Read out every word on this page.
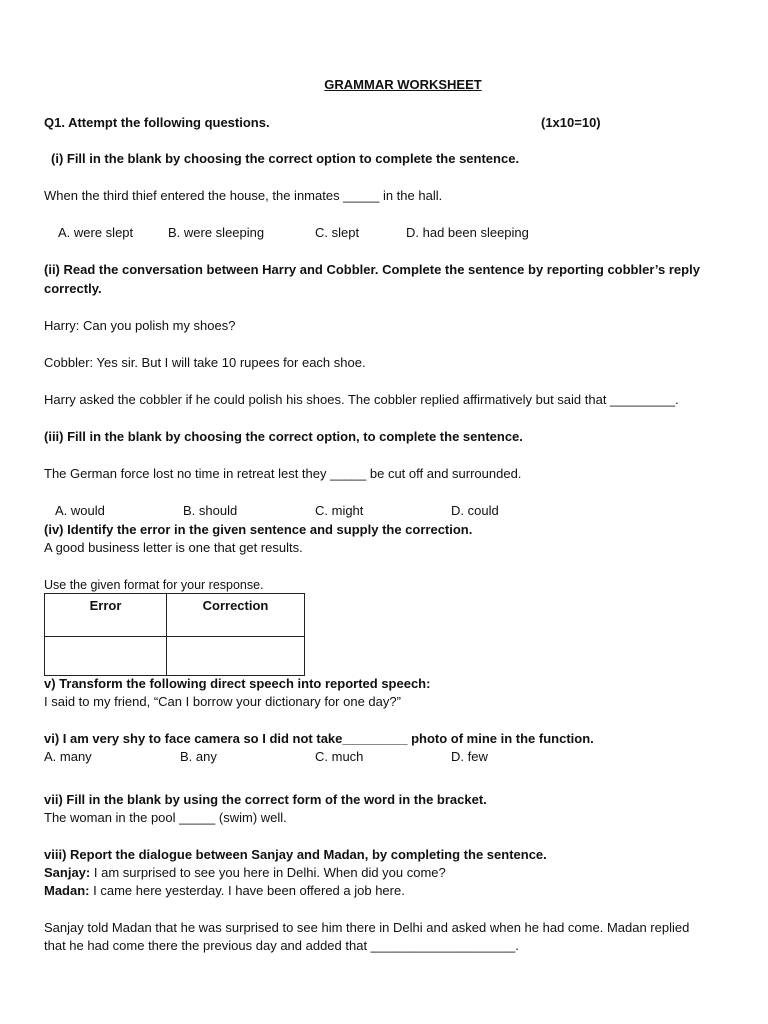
GRAMMAR WORKSHEET
Q1. Attempt the following questions.	(1x10=10)
(i) Fill in the blank by choosing the correct option to complete the sentence.
When the third thief entered the house, the inmates _____ in the hall.
A. were slept	B. were sleeping	C. slept	D. had been sleeping
(ii) Read the conversation between Harry and Cobbler. Complete the sentence by reporting cobbler’s reply
correctly.
Harry: Can you polish my shoes?
Cobbler: Yes sir. But I will take 10 rupees for each shoe.
Harry asked the cobbler if he could polish his shoes. The cobbler replied affirmatively but said that _________.
(iii) Fill in the blank by choosing the correct option, to complete the sentence.
The German force lost no time in retreat lest they _____ be cut off and surrounded.
A. would	B. should	C. might	D. could
(iv) Identify the error in the given sentence and supply the correction.
A good business letter is one that get results.
Use the given format for your response.
Error	Correction

v) Transform the following direct speech into reported speech:
I said to my friend, “Can I borrow your dictionary for one day?”
vi) I am very shy to face camera so I did not take_________ photo of mine in the function.
A. many	B. any	C. much	D. few
vii) Fill in the blank by using the correct form of the word in the bracket.
The woman in the pool _____ (swim) well.
viii) Report the dialogue between Sanjay and Madan, by completing the sentence.
Sanjay: I am surprised to see you here in Delhi. When did you come?
Madan: I came here yesterday. I have been offered a job here.
Sanjay told Madan that he was surprised to see him there in Delhi and asked when he had come. Madan replied
that he had come there the previous day and added that ____________________.
